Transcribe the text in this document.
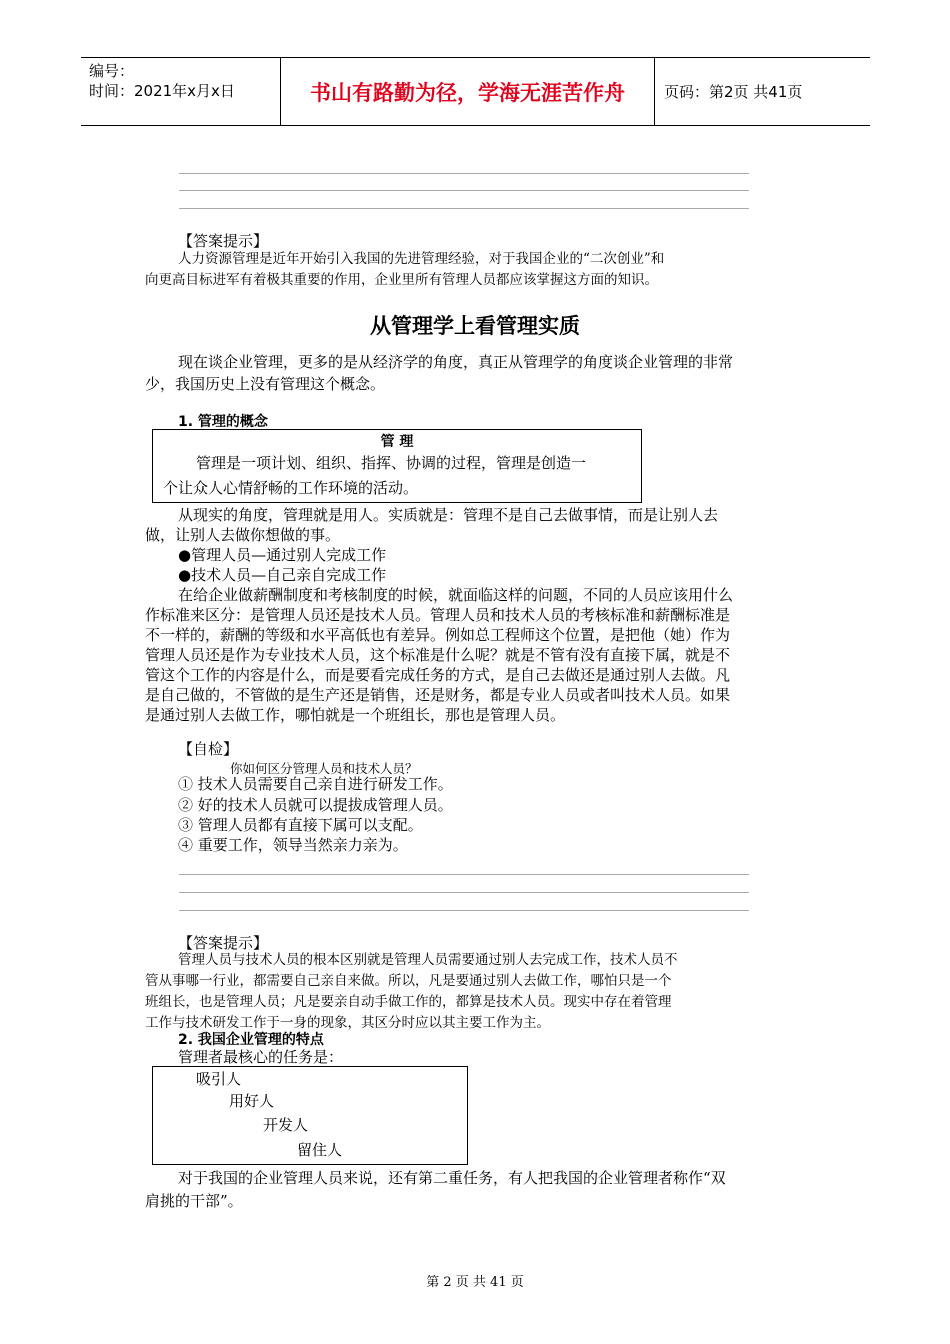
编号：
时间：2021年x月x日	书山有路勤为径，学海无涯苦作舟	页码：第2页 共41页
【答案提示】
人力资源管理是近年开始引入我国的先进管理经验，对于我国企业的“二次创业”和
向更高目标进军有着极其重要的作用，企业里所有管理人员都应该掌握这方面的知识。
从管理学上看管理实质
现在谈企业管理，更多的是从经济学的角度，真正从管理学的角度谈企业管理的非常
少，我国历史上没有管理这个概念。
1. 管理的概念
管 理
管理是一项计划、组织、指挥、协调的过程，管理是创造一
个让众人心情舒畅的工作环境的活动。
从现实的角度，管理就是用人。实质就是：管理不是自己去做事情，而是让别人去
做，让别人去做你想做的事。
●管理人员—通过别人完成工作
●技术人员—自己亲自完成工作
在给企业做薪酬制度和考核制度的时候，就面临这样的问题，不同的人员应该用什么
作标准来区分：是管理人员还是技术人员。管理人员和技术人员的考核标准和薪酬标准是
不一样的，薪酬的等级和水平高低也有差异。例如总工程师这个位置，是把他（她）作为
管理人员还是作为专业技术人员，这个标准是什么呢？就是不管有没有直接下属，就是不
管这个工作的内容是什么，而是要看完成任务的方式，是自己去做还是通过别人去做。凡
是自己做的，不管做的是生产还是销售，还是财务，都是专业人员或者叫技术人员。如果
是通过别人去做工作，哪怕就是一个班组长，那也是管理人员。
【自检】
你如何区分管理人员和技术人员？
① 技术人员需要自己亲自进行研发工作。
② 好的技术人员就可以提拔成管理人员。
③ 管理人员都有直接下属可以支配。
④ 重要工作，领导当然亲力亲为。
【答案提示】
管理人员与技术人员的根本区别就是管理人员需要通过别人去完成工作，技术人员不
管从事哪一行业，都需要自己亲自来做。所以，凡是要通过别人去做工作，哪怕只是一个
班组长，也是管理人员；凡是要亲自动手做工作的，都算是技术人员。现实中存在着管理
工作与技术研发工作于一身的现象，其区分时应以其主要工作为主。
2. 我国企业管理的特点
管理者最核心的任务是：
吸引人
用好人
开发人
留住人
对于我国的企业管理人员来说，还有第二重任务，有人把我国的企业管理者称作“双
肩挑的干部”。
第 2 页 共 41 页
